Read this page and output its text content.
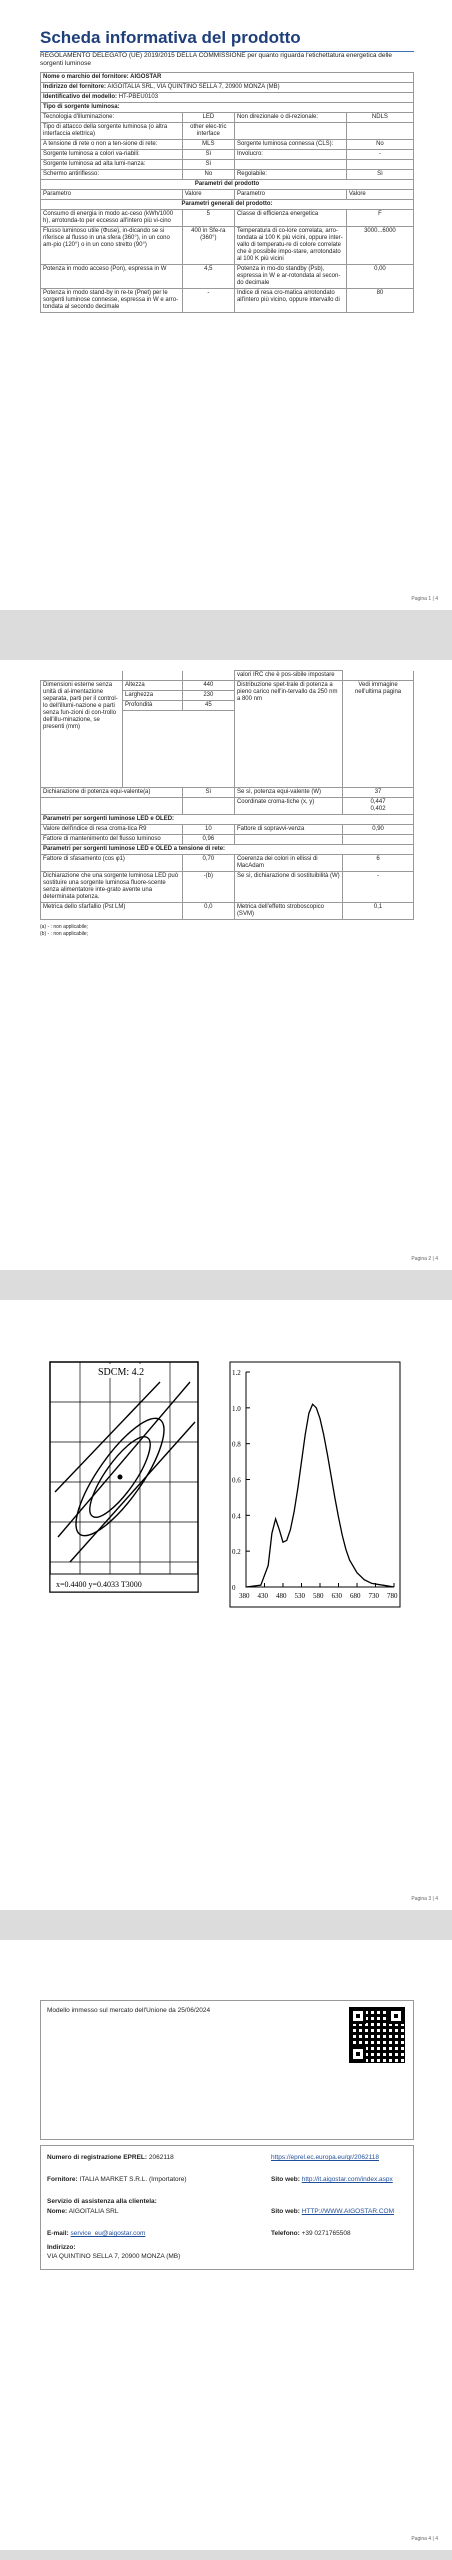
Scheda informativa del prodotto
REGOLAMENTO DELEGATO (UE) 2019/2015 DELLA COMMISSIONE per quanto riguarda l'etichettatura energetica delle sorgenti luminose
Nome o marchio del fornitore: AIGOSTAR			
Indirizzo del fornitore: AIGOITALIA SRL, VIA QUINTINO SELLA 7, 20900 MONZA (MB)			
Identificativo del modello: HT-PBEU0103			
Tipo di sorgente luminosa:			
Tecnologia d'illuminazione:	LED	Non direzionale o di-rezionale:	NDLS
Tipo di attacco della sorgente luminosa (o altra interfaccia elettrica)	other elec-tric interface		
A tensione di rete o non a ten-sione di rete:	MLS	Sorgente luminosa connessa (CLS):	No
Sorgente luminosa a colori va-riabili:	Sì	Involucro:	-
Sorgente luminosa ad alta lumi-nanza:	Sì		
Schermo antiriflesso:	No	Regolabile:	Sì
Parametri del prodotto			
Parametro	Valore	Parametro	Valore
Parametri generali del prodotto:			
Consumo di energia in modo ac-ceso (kWh/1000 h), arrotonda-to per eccesso all'intero più vi-cino	5	Classe di efficienza energetica	F
Flusso luminoso utile (Φuse), in-dicando se si riferisce al flusso in una sfera (360°), in un cono am-pio (120°) o in un cono stretto (90°)	400 in Sfe-ra (360°)	Temperatura di co-lore correlata, arro-tondata ai 100 K più vicini, oppure inter-vallo di temperatu-re di colore correlate che è possibile impo-stare, arrotondato al 100 K più vicini	3000...6000
Potenza in modo acceso (Pon), espressa in W	4,5	Potenza in mo-do standby (Psb), espressa in W e ar-rotondata al secon-do decimale	0,00
Potenza in modo stand-by in re-te (Pnet) per le sorgenti luminose connesse, espressa in W e arro-tondata al secondo decimale	-	Indice di resa cro-matica arrotondato all'intero più vicino, oppure intervallo di	80
Pagina 1 | 4
			valori IRC che è pos-sibile impostare	
Dimensioni esterne senza unità di al-imentazione separata, parti per il control-lo dell'illumi-nazione e parti senza fun-zioni di con-trollo dell'illu-minazione, se presenti (mm)	Altezza	440	Distribuzione spet-trale di potenza a pieno carico nell'in-tervallo da 250 nm a 800 nm	Vedi immagine nell'ultima pagina
	Larghezza	230		
	Profondità	45		

Dichiarazione di potenza equi-valente(a)		Sì	Se sì, potenza equi-valente (W)	37
			Coordinate croma-tiche (x, y)	0,447
0,402
Parametri per sorgenti luminose LED e OLED:				
Valore dell'indice di resa croma-tica R9		10	Fattore di sopravvi-venza	0,90
Fattore di mantenimento del flusso luminoso		0,96		
Parametri per sorgenti luminose LED e OLED a tensione di rete:				
Fattore di sfasamento (cos φ1)		0,70	Coerenza dei colori in ellissi di MacAdam	6
Dichiarazione che una sorgente luminosa LED può sostituire una sorgente luminosa fluore-scente senza alimentatore inte-grato avente una determinata potenza.		-(b)	Se sì, dichiarazione di sostituibilità (W)	-
Metrica dello sfarfallio (Pst LM)		0,0	Metrica dell'effetto stroboscopico (SVM)	0,1
(a) - : non applicabile;
(b) - : non applicabile;
Pagina 2 | 4
SDCM: 4.2
x=0.4400 y=0.4033 T3000
1.2
1.0
0.8
0.6
0.4
0.2
0
380 430 480 530 580 630 680 730 780
Pagina 3 | 4
Modello immesso sul mercato dell'Unione da 25/06/2024
Numero di registrazione EPREL: 2062118	https://eprel.ec.europa.eu/qr/2062118
Fornitore: ITALIA MARKET S.R.L. (Importatore)	Sito web: http://it.aigostar.com/index.aspx
Servizio di assistenza alla clientela:
Nome: AIGOITALIA SRL	Sito web: HTTP://WWW.AIGOSTAR.COM
E-mail: service_eu@aigostar.com	Telefono: +39 0271765508
Indirizzo:
VIA QUINTINO SELLA 7, 20900 MONZA (MB)
Pagina 4 | 4
